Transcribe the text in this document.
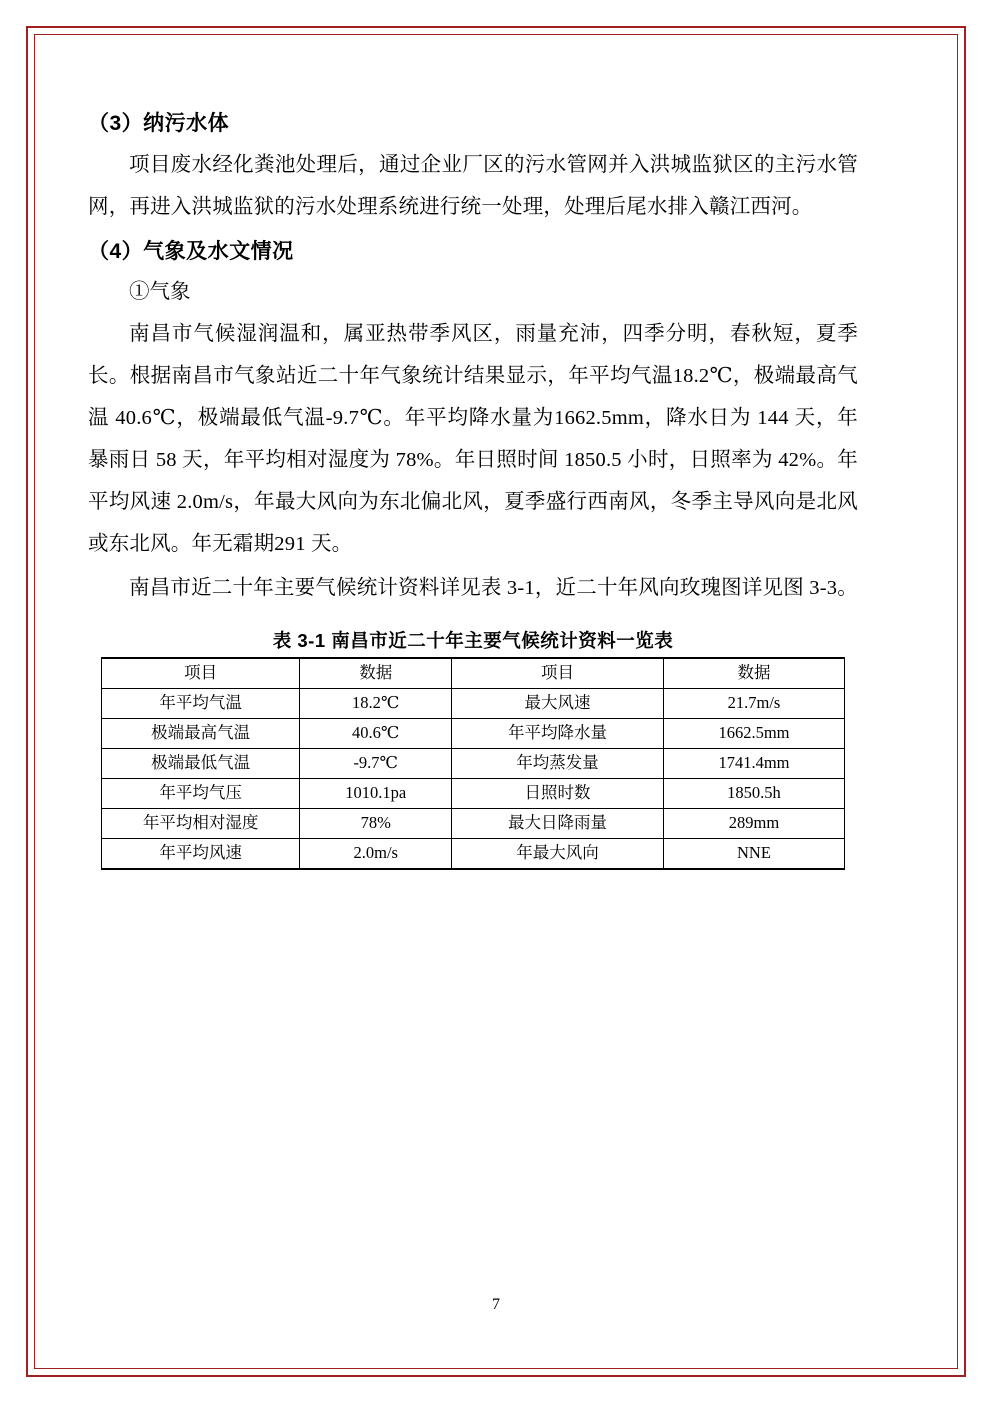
（3）纳污水体

项目废水经化粪池处理后，通过企业厂区的污水管网并入洪城监狱区的主污水管网，再进入洪城监狱的污水处理系统进行统一处理，处理后尾水排入赣江西河。

（4）气象及水文情况
①气象

南昌市气候湿润温和，属亚热带季风区，雨量充沛，四季分明，春秋短，夏季长。根据南昌市气象站近二十年气象统计结果显示，年平均气温18.2℃，极端最高气温 40.6℃，极端最低气温-9.7℃。年平均降水量为1662.5mm，降水日为 144 天，年暴雨日 58 天，年平均相对湿度为 78%。年日照时间 1850.5 小时，日照率为 42%。年平均风速 2.0m/s，年最大风向为东北偏北风，夏季盛行西南风，冬季主导风向是北风或东北风。年无霜期291 天。

南昌市近二十年主要气候统计资料详见表 3-1，近二十年风向玫瑰图详见图 3-3。

表 3-1 南昌市近二十年主要气候统计资料一览表
项目	数据	项目	数据
年平均气温	18.2℃	最大风速	21.7m/s
极端最高气温	40.6℃	年平均降水量	1662.5mm
极端最低气温	-9.7℃	年均蒸发量	1741.4mm
年平均气压	1010.1pa	日照时数	1850.5h
年平均相对湿度	78%	最大日降雨量	289mm
年平均风速	2.0m/s	年最大风向	NNE
7
